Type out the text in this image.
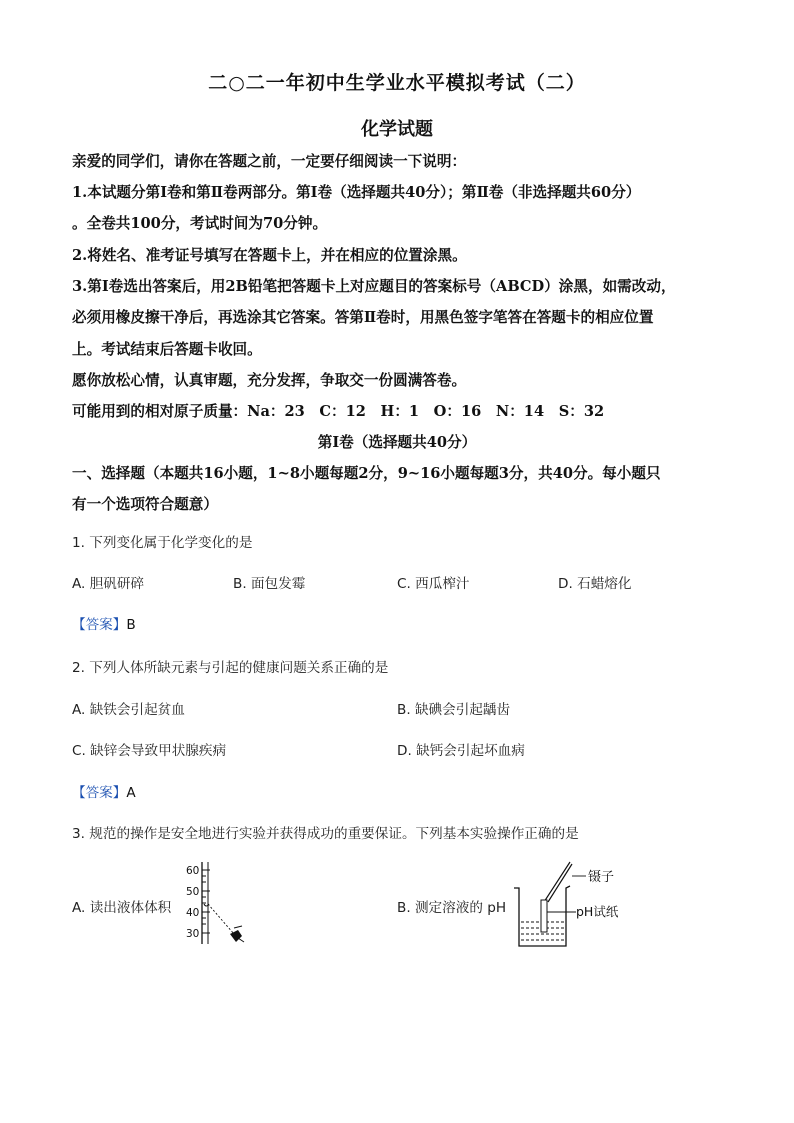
二○二一年初中生学业水平模拟考试（二）
化学试题
亲爱的同学们，请你在答题之前，一定要仔细阅读一下说明：
1.本试题分第Ⅰ卷和第Ⅱ卷两部分。第Ⅰ卷（选择题共40分）；第Ⅱ卷（非选择题共60分）
。全卷共100分，考试时间为70分钟。
2.将姓名、准考证号填写在答题卡上，并在相应的位置涂黑。
3.第Ⅰ卷选出答案后，用2B铅笔把答题卡上对应题目的答案标号（ABCD）涂黑，如需改动，
必须用橡皮擦干净后，再选涂其它答案。答第Ⅱ卷时，用黑色签字笔答在答题卡的相应位置
上。考试结束后答题卡收回。
愿你放松心情，认真审题，充分发挥，争取交一份圆满答卷。
可能用到的相对原子质量：Na：23　C：12　H：1　O：16　N：14　S：32
第Ⅰ卷（选择题共40分）
一、选择题（本题共16小题，1~8小题每题2分，9~16小题每题3分，共40分。每小题只
有一个选项符合题意）
1. 下列变化属于化学变化的是
A. 胆矾研碎	B. 面包发霉	C. 西瓜榨汁	D. 石蜡熔化
【答案】B
2. 下列人体所缺元素与引起的健康问题关系正确的是
A. 缺铁会引起贫血	B. 缺碘会引起龋齿
C. 缺锌会导致甲状腺疾病	D. 缺钙会引起坏血病
【答案】A
3. 规范的操作是安全地进行实验并获得成功的重要保证。下列基本实验操作正确的是
A. 读出液体体积	B. 测定溶液的 pH
60
50
40
30
镊子
pH试纸
